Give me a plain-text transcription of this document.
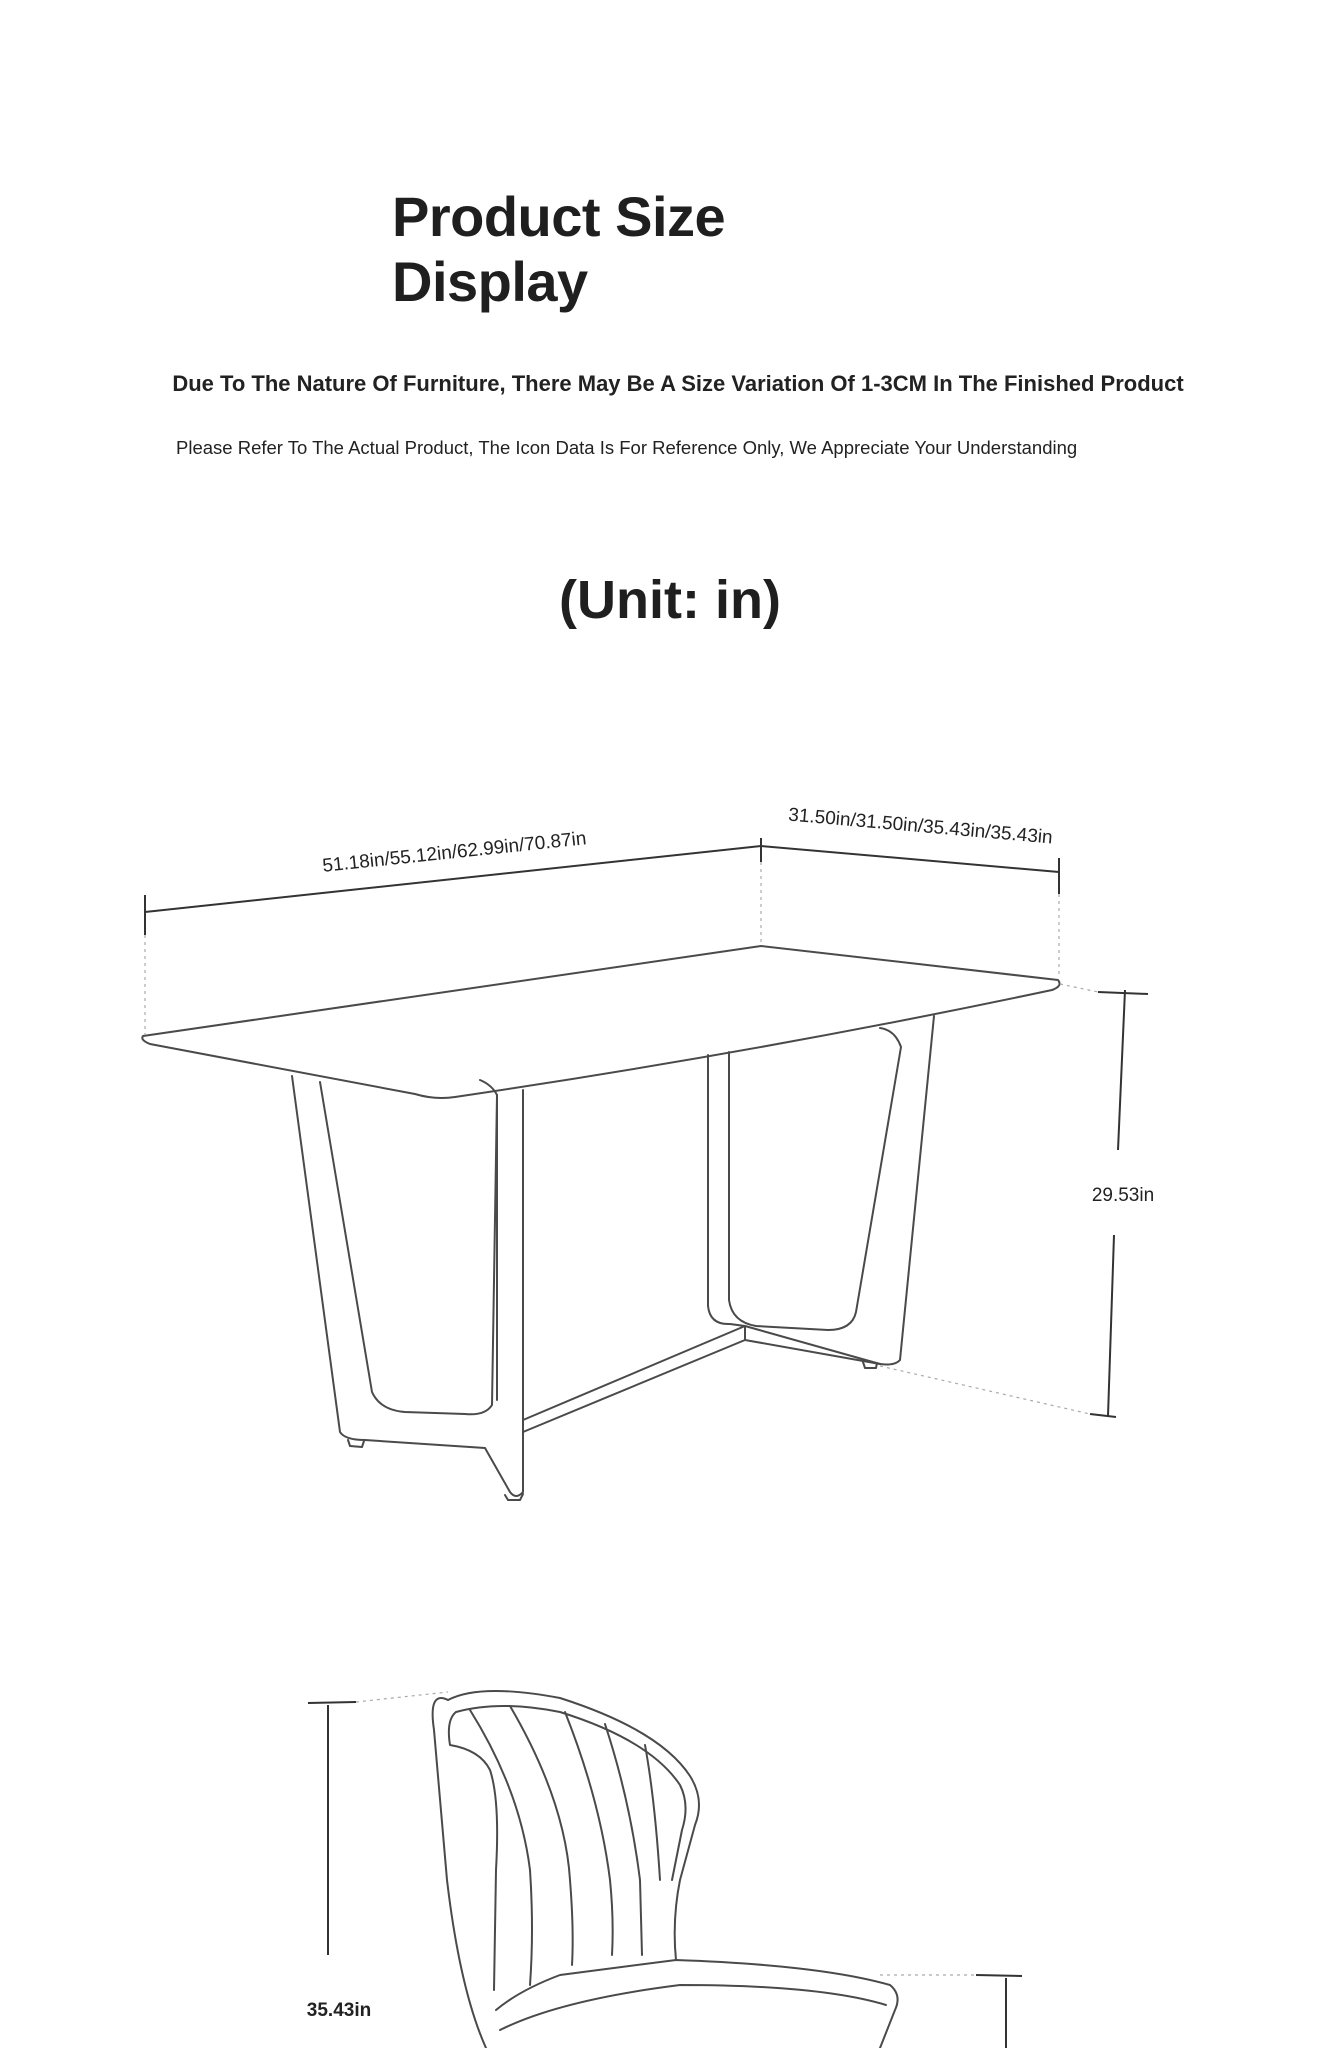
Product Size Display

Due To The Nature Of Furniture, There May Be A Size Variation Of 1-3CM In The Finished Product

Please Refer To The Actual Product, The Icon Data Is For Reference Only, We Appreciate Your Understanding

(Unit: in)
51.18in/55.12in/62.99in/70.87in
31.50in/31.50in/35.43in/35.43in
29.53in
35.43in
